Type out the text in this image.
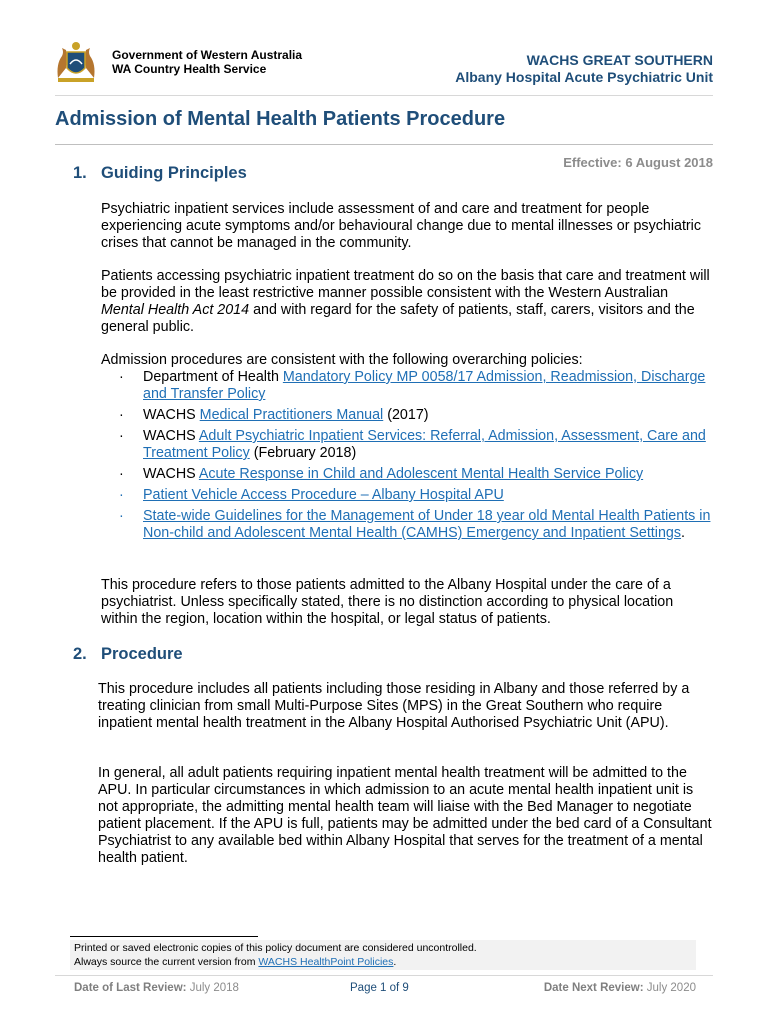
Government of Western Australia
WA Country Health Service
WACHS GREAT SOUTHERN
Albany Hospital Acute Psychiatric Unit
Admission of Mental Health Patients Procedure
Effective: 6 August 2018
1. Guiding Principles
Psychiatric inpatient services include assessment of and care and treatment for people experiencing acute symptoms and/or behavioural change due to mental illnesses or psychiatric crises that cannot be managed in the community.
Patients accessing psychiatric inpatient treatment do so on the basis that care and treatment will be provided in the least restrictive manner possible consistent with the Western Australian Mental Health Act 2014 and with regard for the safety of patients, staff, carers, visitors and the general public.
Admission procedures are consistent with the following overarching policies:
· Department of Health Mandatory Policy MP 0058/17 Admission, Readmission, Discharge and Transfer Policy
· WACHS Medical Practitioners Manual (2017)
· WACHS Adult Psychiatric Inpatient Services: Referral, Admission, Assessment, Care and Treatment Policy (February 2018)
· WACHS Acute Response in Child and Adolescent Mental Health Service Policy
· Patient Vehicle Access Procedure – Albany Hospital APU
· State-wide Guidelines for the Management of Under 18 year old Mental Health Patients in Non-child and Adolescent Mental Health (CAMHS) Emergency and Inpatient Settings.
This procedure refers to those patients admitted to the Albany Hospital under the care of a psychiatrist. Unless specifically stated, there is no distinction according to physical location within the region, location within the hospital, or legal status of patients.
2. Procedure
This procedure includes all patients including those residing in Albany and those referred by a treating clinician from small Multi-Purpose Sites (MPS) in the Great Southern who require inpatient mental health treatment in the Albany Hospital Authorised Psychiatric Unit (APU).
In general, all adult patients requiring inpatient mental health treatment will be admitted to the APU. In particular circumstances in which admission to an acute mental health inpatient unit is not appropriate, the admitting mental health team will liaise with the Bed Manager to negotiate patient placement. If the APU is full, patients may be admitted under the bed card of a Consultant Psychiatrist to any available bed within Albany Hospital that serves for the treatment of a mental health patient.
Printed or saved electronic copies of this policy document are considered uncontrolled.
Always source the current version from WACHS HealthPoint Policies.
Date of Last Review: July 2018	Page 1 of 9	Date Next Review: July 2020
